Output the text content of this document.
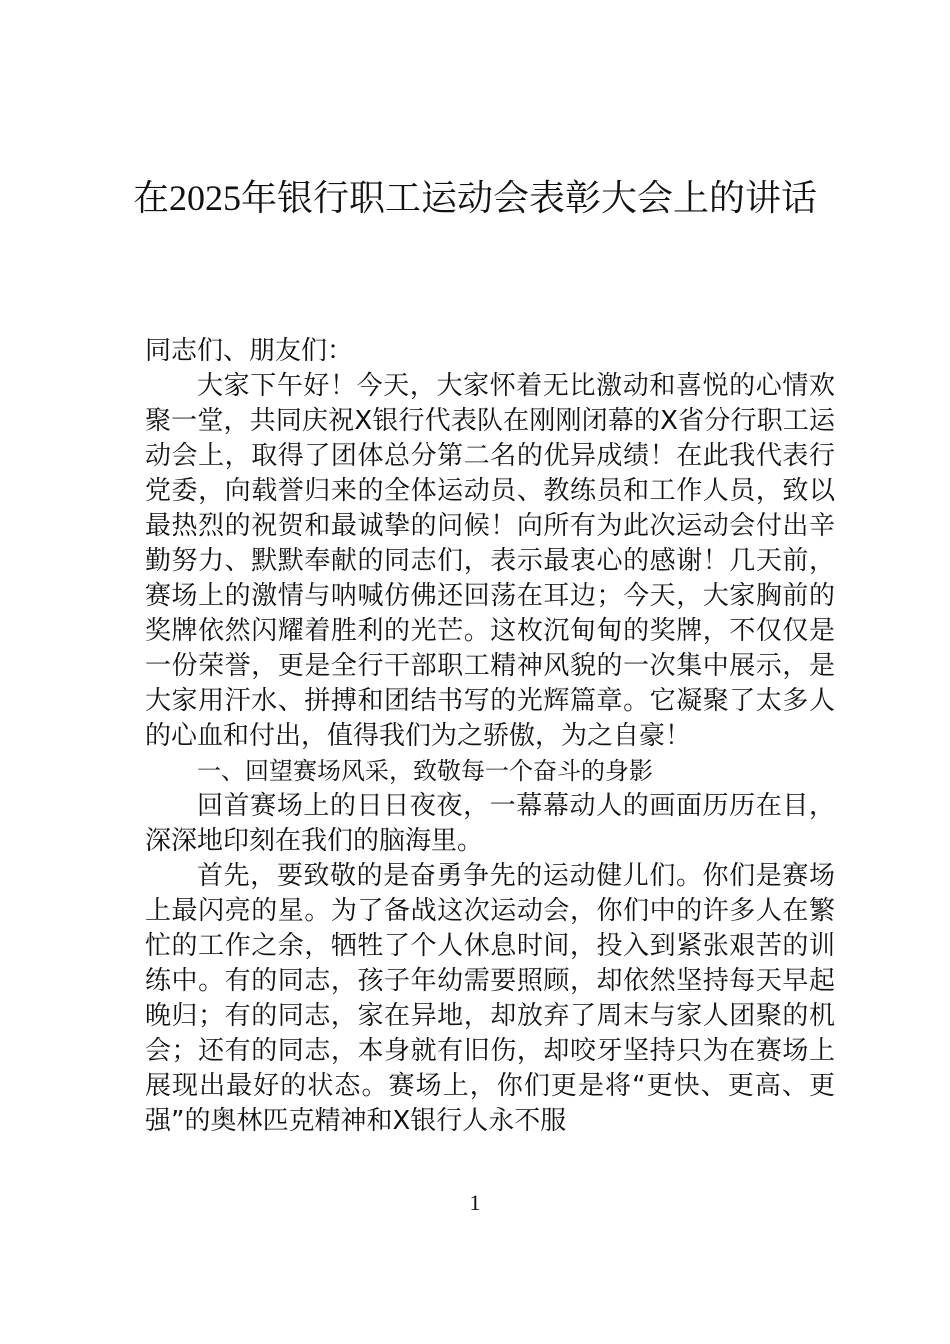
在2025年银行职工运动会表彰大会上的讲话

同志们、朋友们：

大家下午好！今天，大家怀着无比激动和喜悦的心情欢聚一堂，共同庆祝X银行代表队在刚刚闭幕的X省分行职工运动会上，取得了团体总分第二名的优异成绩！在此我代表行党委，向载誉归来的全体运动员、教练员和工作人员，致以最热烈的祝贺和最诚挚的问候！向所有为此次运动会付出辛勤努力、默默奉献的同志们，表示最衷心的感谢！几天前，赛场上的激情与呐喊仿佛还回荡在耳边；今天，大家胸前的奖牌依然闪耀着胜利的光芒。这枚沉甸甸的奖牌，不仅仅是一份荣誉，更是全行干部职工精神风貌的一次集中展示，是大家用汗水、拼搏和团结书写的光辉篇章。它凝聚了太多人的心血和付出，值得我们为之骄傲，为之自豪！

一、回望赛场风采，致敬每一个奋斗的身影

回首赛场上的日日夜夜，一幕幕动人的画面历历在目，深深地印刻在我们的脑海里。

首先，要致敬的是奋勇争先的运动健儿们。你们是赛场上最闪亮的星。为了备战这次运动会，你们中的许多人在繁忙的工作之余，牺牲了个人休息时间，投入到紧张艰苦的训练中。有的同志，孩子年幼需要照顾，却依然坚持每天早起晚归；有的同志，家在异地，却放弃了周末与家人团聚的机会；还有的同志，本身就有旧伤，却咬牙坚持只为在赛场上展现出最好的状态。赛场上，你们更是将“更快、更高、更强”的奥林匹克精神和X银行人永不服

1
